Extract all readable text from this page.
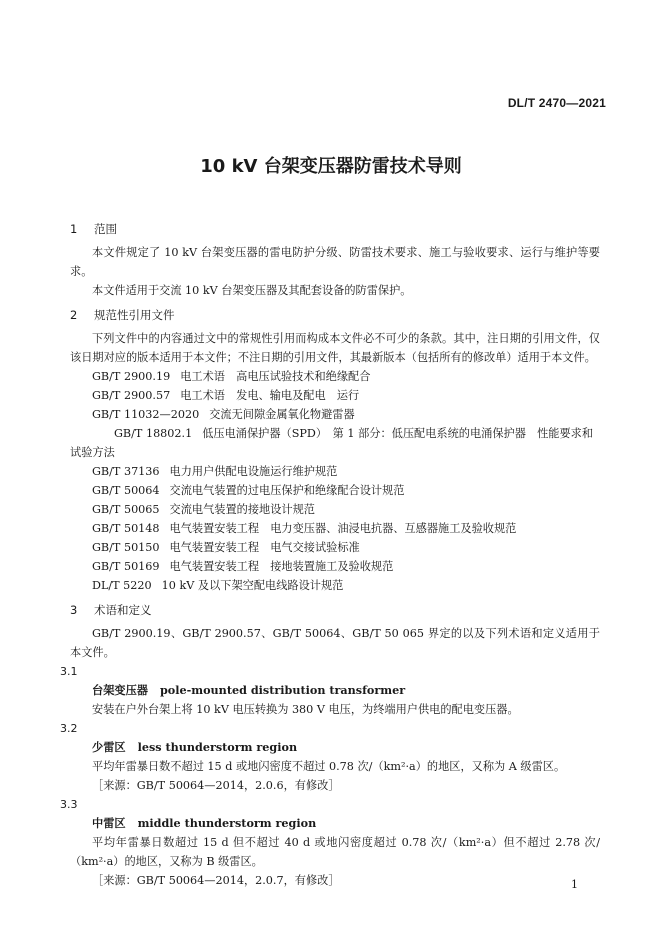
DL/T 2470—2021
10 kV 台架变压器防雷技术导则
1 范围

本文件规定了 10 kV 台架变压器的雷电防护分级、防雷技术要求、施工与验收要求、运行与维护等要求。

本文件适用于交流 10 kV 台架变压器及其配套设备的防雷保护。

2 规范性引用文件

下列文件中的内容通过文中的常规性引用而构成本文件必不可少的条款。其中，注日期的引用文件，仅该日期对应的版本适用于本文件；不注日期的引用文件，其最新版本（包括所有的修改单）适用于本文件。

GB/T 2900.19 电工术语　高电压试验技术和绝缘配合
GB/T 2900.57 电工术语　发电、输电及配电　运行
GB/T 11032—2020 交流无间隙金属氧化物避雷器
GB/T 18802.1 低压电涌保护器（SPD）　第 1 部分：低压配电系统的电涌保护器　性能要求和试验方法
GB/T 37136 电力用户供配电设施运行维护规范
GB/T 50064 交流电气装置的过电压保护和绝缘配合设计规范
GB/T 50065 交流电气装置的接地设计规范
GB/T 50148 电气装置安装工程　电力变压器、油浸电抗器、互感器施工及验收规范
GB/T 50150 电气装置安装工程　电气交接试验标准
GB/T 50169 电气装置安装工程　接地装置施工及验收规范
DL/T 5220 10 kV 及以下架空配电线路设计规范
3 术语和定义

GB/T 2900.19、GB/T 2900.57、GB/T 50064、GB/T 50 065 界定的以及下列术语和定义适用于本文件。

3.1

台架变压器 pole-mounted distribution transformer

安装在户外台架上将 10 kV 电压转换为 380 V 电压，为终端用户供电的配电变压器。

3.2

少雷区 less thunderstorm region

平均年雷暴日数不超过 15 d 或地闪密度不超过 0.78 次/（km²·a）的地区，又称为 A 级雷区。

［来源：GB/T 50064—2014，2.0.6，有修改］

3.3

中雷区 middle thunderstorm region

平均年雷暴日数超过 15 d 但不超过 40 d 或地闪密度超过 0.78 次/（km²·a）但不超过 2.78 次/（km²·a）的地区，又称为 B 级雷区。

［来源：GB/T 50064—2014，2.0.7，有修改］	1
